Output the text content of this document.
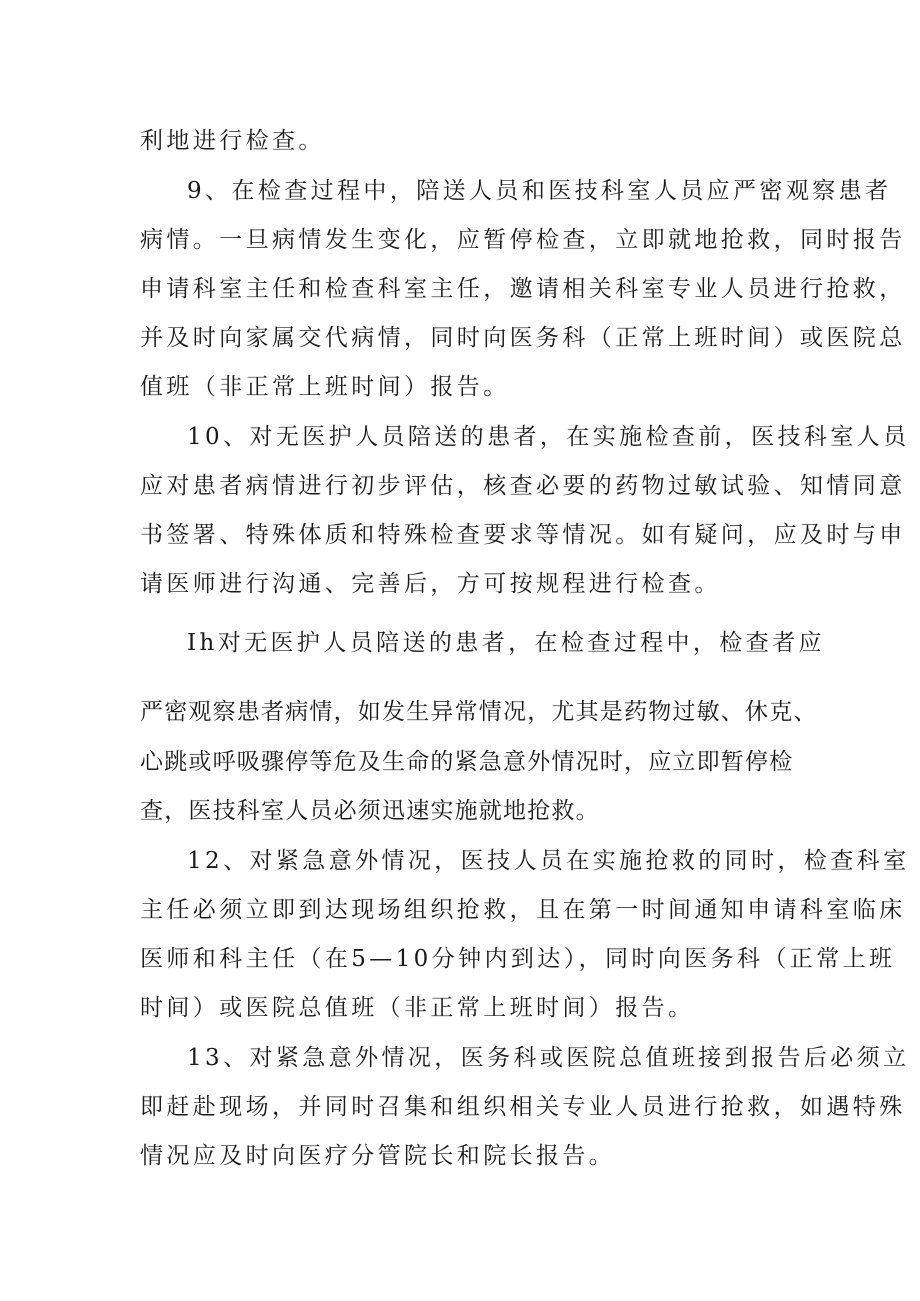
利地进行检查。
9、在检查过程中，陪送人员和医技科室人员应严密观察患者
病情。一旦病情发生变化，应暂停检查，立即就地抢救，同时报告
申请科室主任和检查科室主任，邀请相关科室专业人员进行抢救，
并及时向家属交代病情，同时向医务科（正常上班时间）或医院总
值班（非正常上班时间）报告。
10、对无医护人员陪送的患者，在实施检查前，医技科室人员
应对患者病情进行初步评估，核查必要的药物过敏试验、知情同意
书签署、特殊体质和特殊检查要求等情况。如有疑问，应及时与申
请医师进行沟通、完善后，方可按规程进行检查。
Ih对无医护人员陪送的患者，在检查过程中，检查者应
严密观察患者病情，如发生异常情况，尤其是药物过敏、休克、
心跳或呼吸骤停等危及生命的紧急意外情况时，应立即暂停检
查，医技科室人员必须迅速实施就地抢救。
12、对紧急意外情况，医技人员在实施抢救的同时，检查科室
主任必须立即到达现场组织抢救，且在第一时间通知申请科室临床
医师和科主任（在5—10分钟内到达），同时向医务科（正常上班
时间）或医院总值班（非正常上班时间）报告。
13、对紧急意外情况，医务科或医院总值班接到报告后必须立
即赶赴现场，并同时召集和组织相关专业人员进行抢救，如遇特殊
情况应及时向医疗分管院长和院长报告。
